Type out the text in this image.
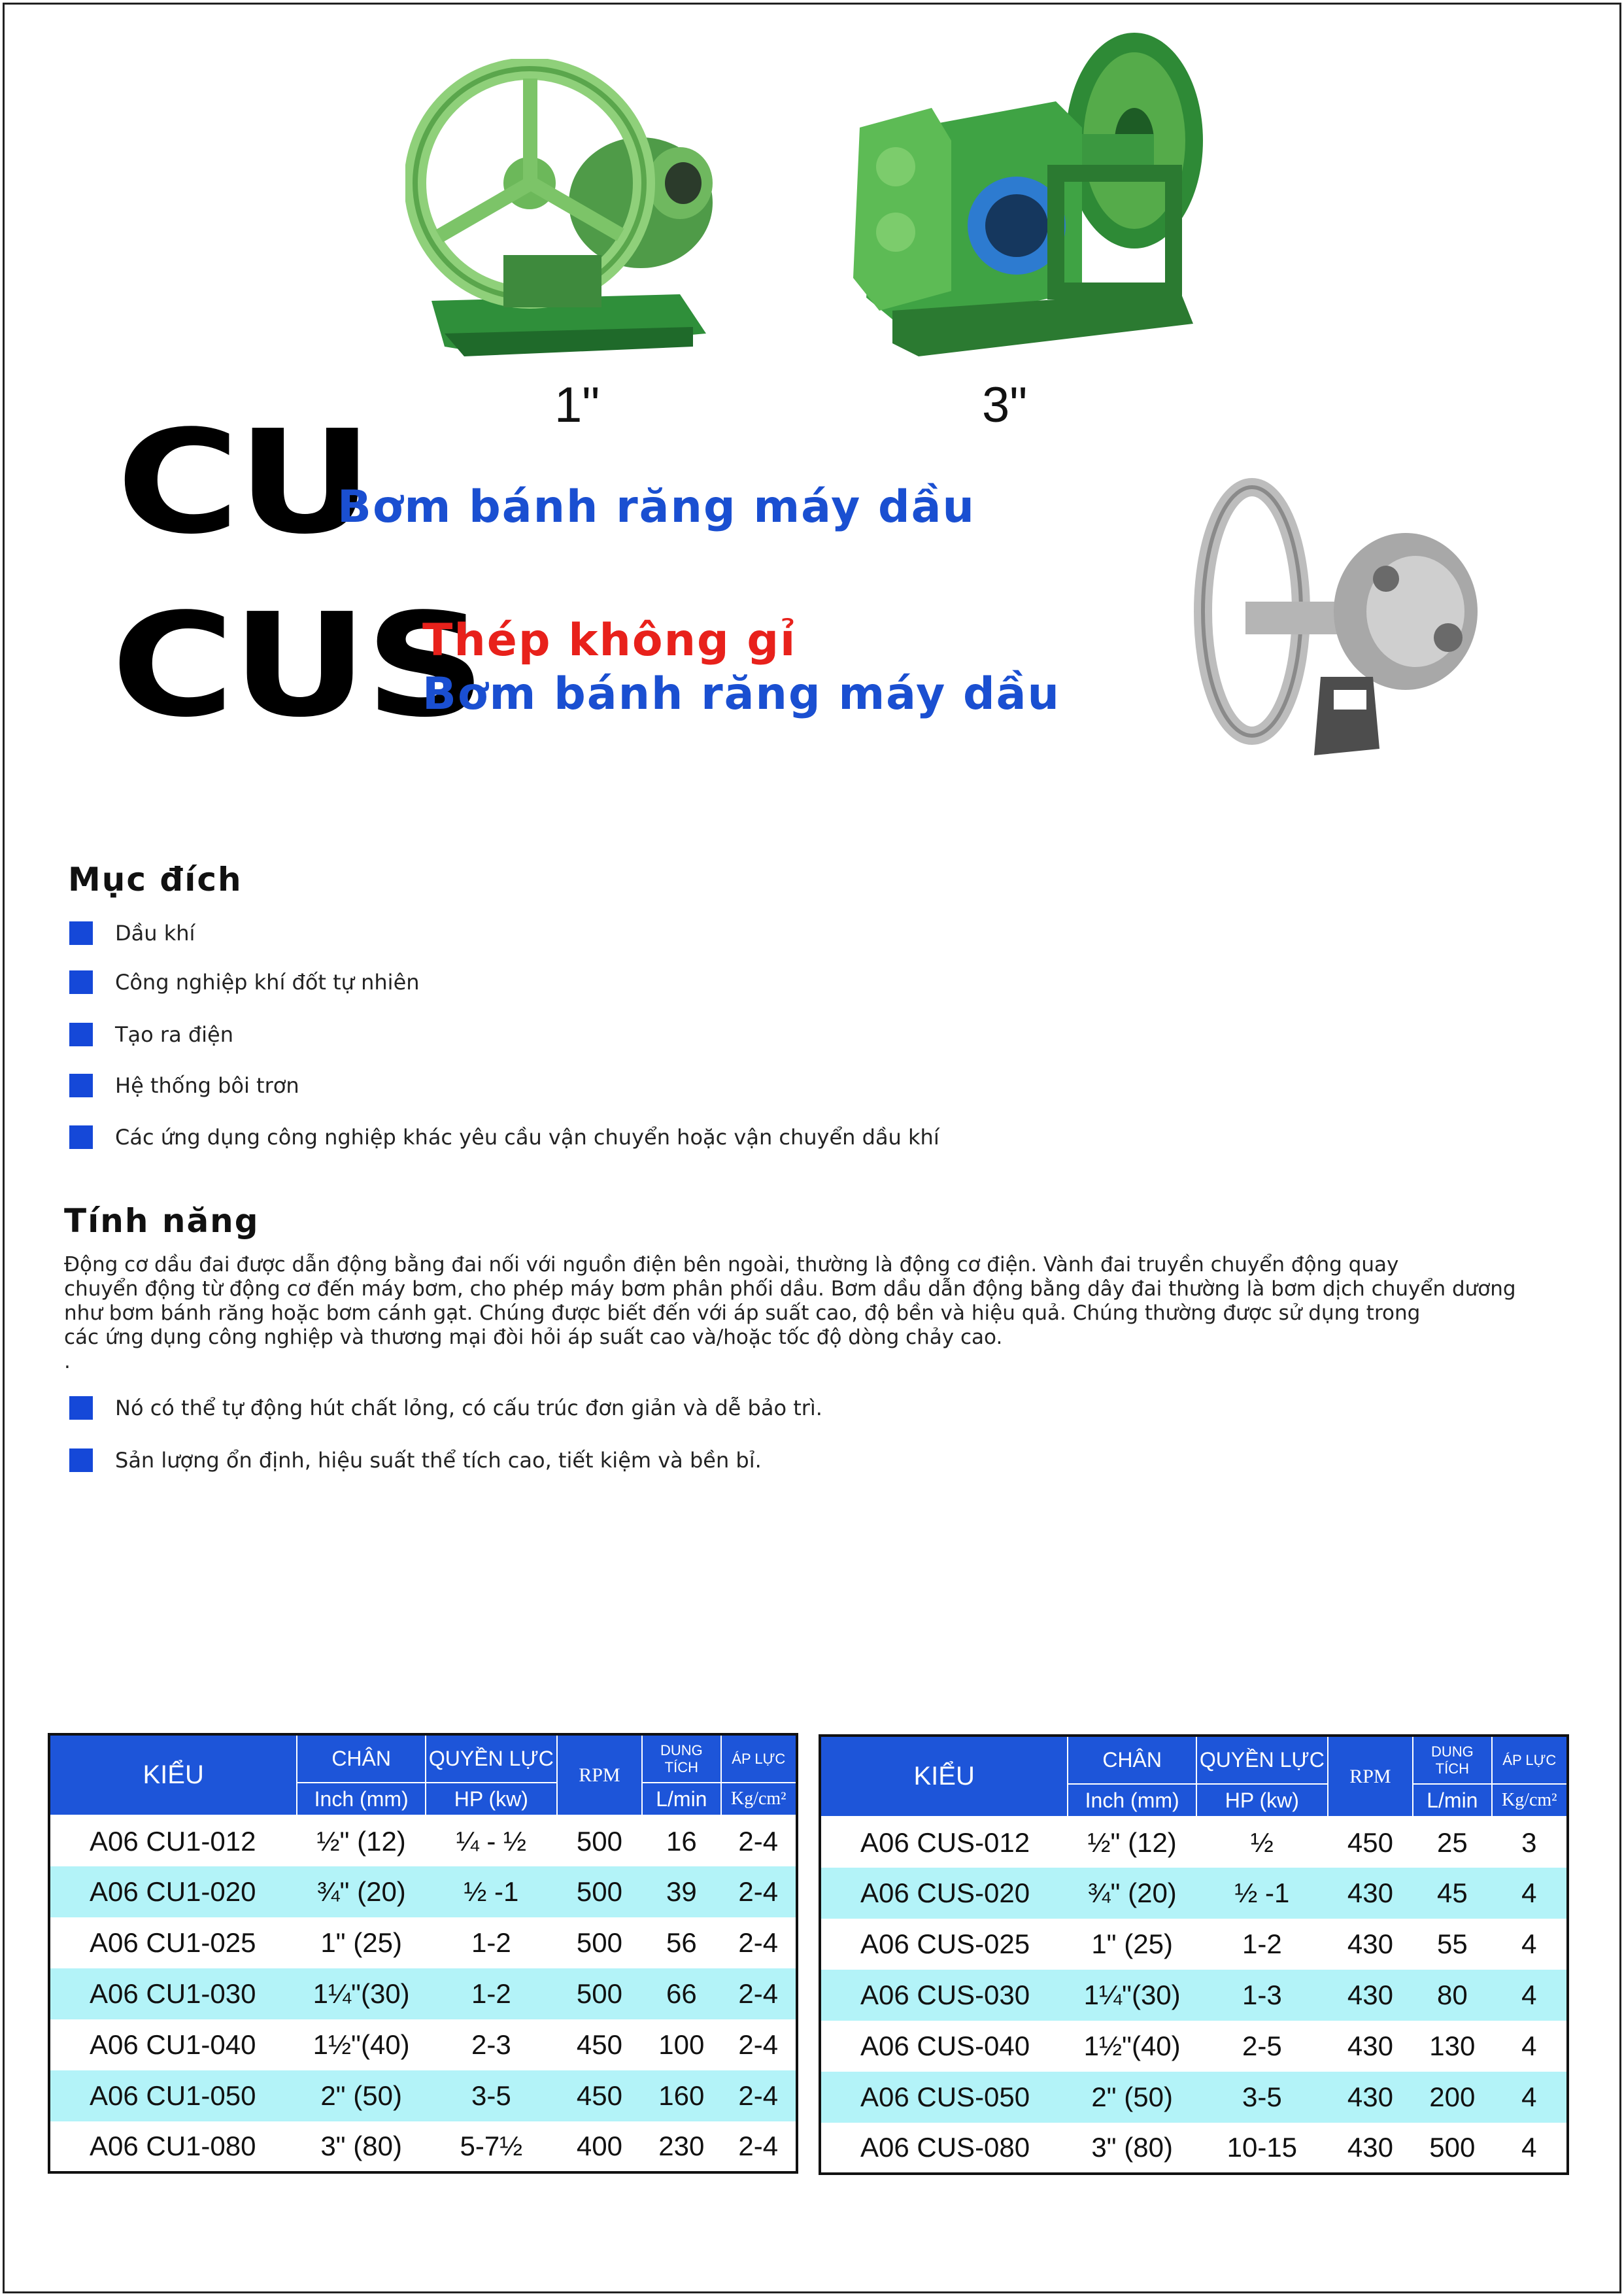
1"	3"
CU
Bơm bánh răng máy dầu
CUS
Thép không gỉ
Bơm bánh răng máy dầu
Mục đích
Dầu khí
Công nghiệp khí đốt tự nhiên
Tạo ra điện
Hệ thống bôi trơn
Các ứng dụng công nghiệp khác yêu cầu vận chuyển hoặc vận chuyển dầu khí
Tính năng
Động cơ dầu đai được dẫn động bằng đai nối với nguồn điện bên ngoài, thường là động cơ điện. Vành đai truyền chuyển động quay
chuyển động từ động cơ đến máy bơm, cho phép máy bơm phân phối dầu. Bơm dầu dẫn động bằng dây đai thường là bơm dịch chuyển dương
như bơm bánh răng hoặc bơm cánh gạt. Chúng được biết đến với áp suất cao, độ bền và hiệu quả. Chúng thường được sử dụng trong
các ứng dụng công nghiệp và thương mại đòi hỏi áp suất cao và/hoặc tốc độ dòng chảy cao.
.
Nó có thể tự động hút chất lỏng, có cấu trúc đơn giản và dễ bảo trì.
Sản lượng ổn định, hiệu suất thể tích cao, tiết kiệm và bền bỉ.
KIỂU	CHÂN	QUYỀN LỰC	RPM	DUNG TÍCH	ÁP LỰC
	Inch (mm)	HP (kw)		L/min	Kg/cm²
A06 CU1-012	½" (12)	¼ - ½	500	16	2-4
A06 CU1-020	¾" (20)	½ -1	500	39	2-4
A06 CU1-025	1" (25)	1-2	500	56	2-4
A06 CU1-030	1¼"(30)	1-2	500	66	2-4
A06 CU1-040	1½"(40)	2-3	450	100	2-4
A06 CU1-050	2" (50)	3-5	450	160	2-4
A06 CU1-080	3" (80)	5-7½	400	230	2-4
KIỂU	CHÂN	QUYỀN LỰC	RPM	DUNG TÍCH	ÁP LỰC
	Inch (mm)	HP (kw)		L/min	Kg/cm²
A06 CUS-012	½" (12)	½	450	25	3
A06 CUS-020	¾" (20)	½ -1	430	45	4
A06 CUS-025	1" (25)	1-2	430	55	4
A06 CUS-030	1¼"(30)	1-3	430	80	4
A06 CUS-040	1½"(40)	2-5	430	130	4
A06 CUS-050	2" (50)	3-5	430	200	4
A06 CUS-080	3" (80)	10-15	430	500	4
